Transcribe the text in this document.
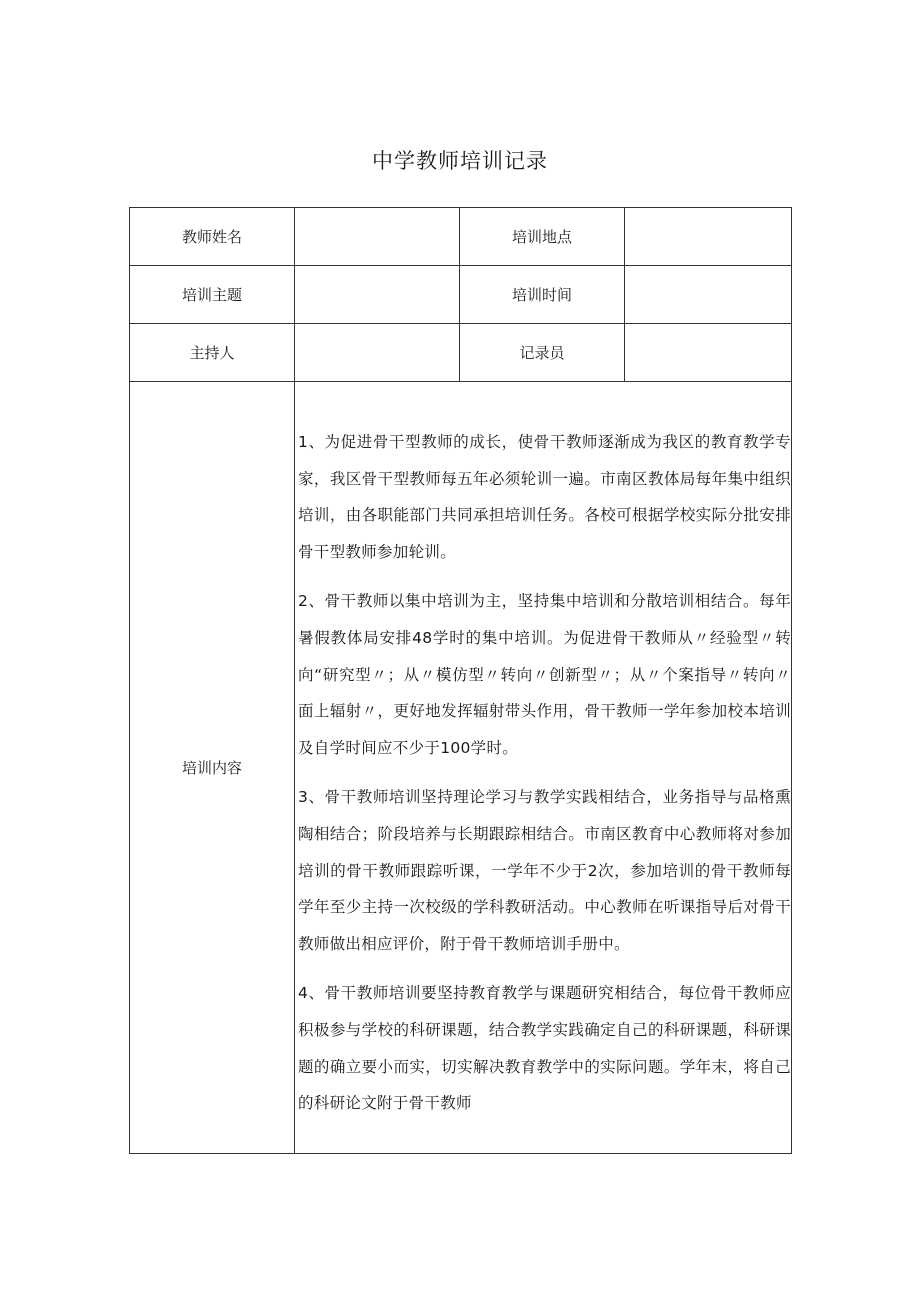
中学教师培训记录
教师姓名		培训地点	
培训主题		培训时间	
主持人		记录员	
培训内容	1、为促进骨干型教师的成长，使骨干教师逐渐成为我区的教育教学专家，我区骨干型教师每五年必须轮训一遍。市南区教体局每年集中组织培训，由各职能部门共同承担培训任务。各校可根据学校实际分批安排骨干型教师参加轮训。

2、骨干教师以集中培训为主，坚持集中培训和分散培训相结合。每年暑假教体局安排48学时的集中培训。为促进骨干教师从〃经验型〃转向“研究型〃；从〃模仿型〃转向〃创新型〃；从〃个案指导〃转向〃面上辐射〃，更好地发挥辐射带头作用，骨干教师一学年参加校本培训及自学时间应不少于100学时。

3、骨干教师培训坚持理论学习与教学实践相结合，业务指导与品格熏陶相结合；阶段培养与长期跟踪相结合。市南区教育中心教师将对参加培训的骨干教师跟踪听课，一学年不少于2次，参加培训的骨干教师每学年至少主持一次校级的学科教研活动。中心教师在听课指导后对骨干教师做出相应评价，附于骨干教师培训手册中。

4、骨干教师培训要坚持教育教学与课题研究相结合，每位骨干教师应积极参与学校的科研课题，结合教学实践确定自己的科研课题，科研课题的确立要小而实，切实解决教育教学中的实际问题。学年末，将自己的科研论文附于骨干教师		
